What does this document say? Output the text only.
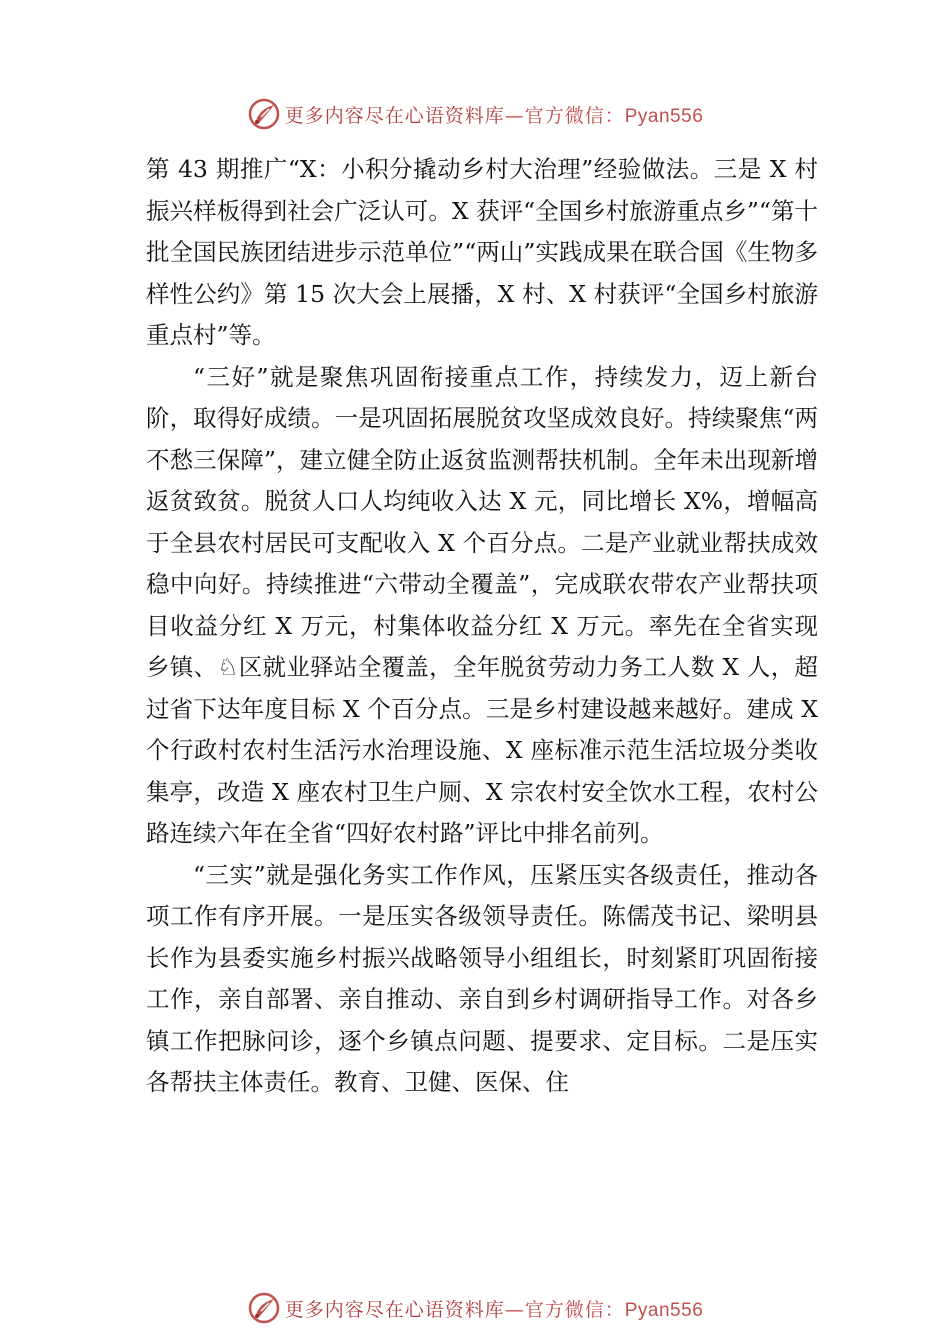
更多内容尽在心语资料库—官方微信：Pyan556

第 43 期推广“X：小积分撬动乡村大治理”经验做法。三是 X 村振兴样板得到社会广泛认可。X 获评“全国乡村旅游重点乡”“第十批全国民族团结进步示范单位”“两山”实践成果在联合国《生物多样性公约》第 15 次大会上展播，X 村、X 村获评“全国乡村旅游重点村”等。

“三好”就是聚焦巩固衔接重点工作，持续发力，迈上新台阶，取得好成绩。一是巩固拓展脱贫攻坚成效良好。持续聚焦“两不愁三保障”，建立健全防止返贫监测帮扶机制。全年未出现新增返贫致贫。脱贫人口人均纯收入达 X 元，同比增长 X%，增幅高于全县农村居民可支配收入 X 个百分点。二是产业就业帮扶成效稳中向好。持续推进“六带动全覆盖”，完成联农带农产业帮扶项目收益分红 X 万元，村集体收益分红 X 万元。率先在全省实现乡镇、♘区就业驿站全覆盖，全年脱贫劳动力务工人数 X 人，超过省下达年度目标 X 个百分点。三是乡村建设越来越好。建成 X 个行政村农村生活污水治理设施、X 座标准示范生活垃圾分类收集亭，改造 X 座农村卫生户厕、X 宗农村安全饮水工程，农村公路连续六年在全省“四好农村路”评比中排名前列。

“三实”就是强化务实工作作风，压紧压实各级责任，推动各项工作有序开展。一是压实各级领导责任。陈儒茂书记、梁明县长作为县委实施乡村振兴战略领导小组组长，时刻紧盯巩固衔接工作，亲自部署、亲自推动、亲自到乡村调研指导工作。对各乡镇工作把脉问诊，逐个乡镇点问题、提要求、定目标。二是压实各帮扶主体责任。教育、卫健、医保、住

更多内容尽在心语资料库—官方微信：Pyan556
